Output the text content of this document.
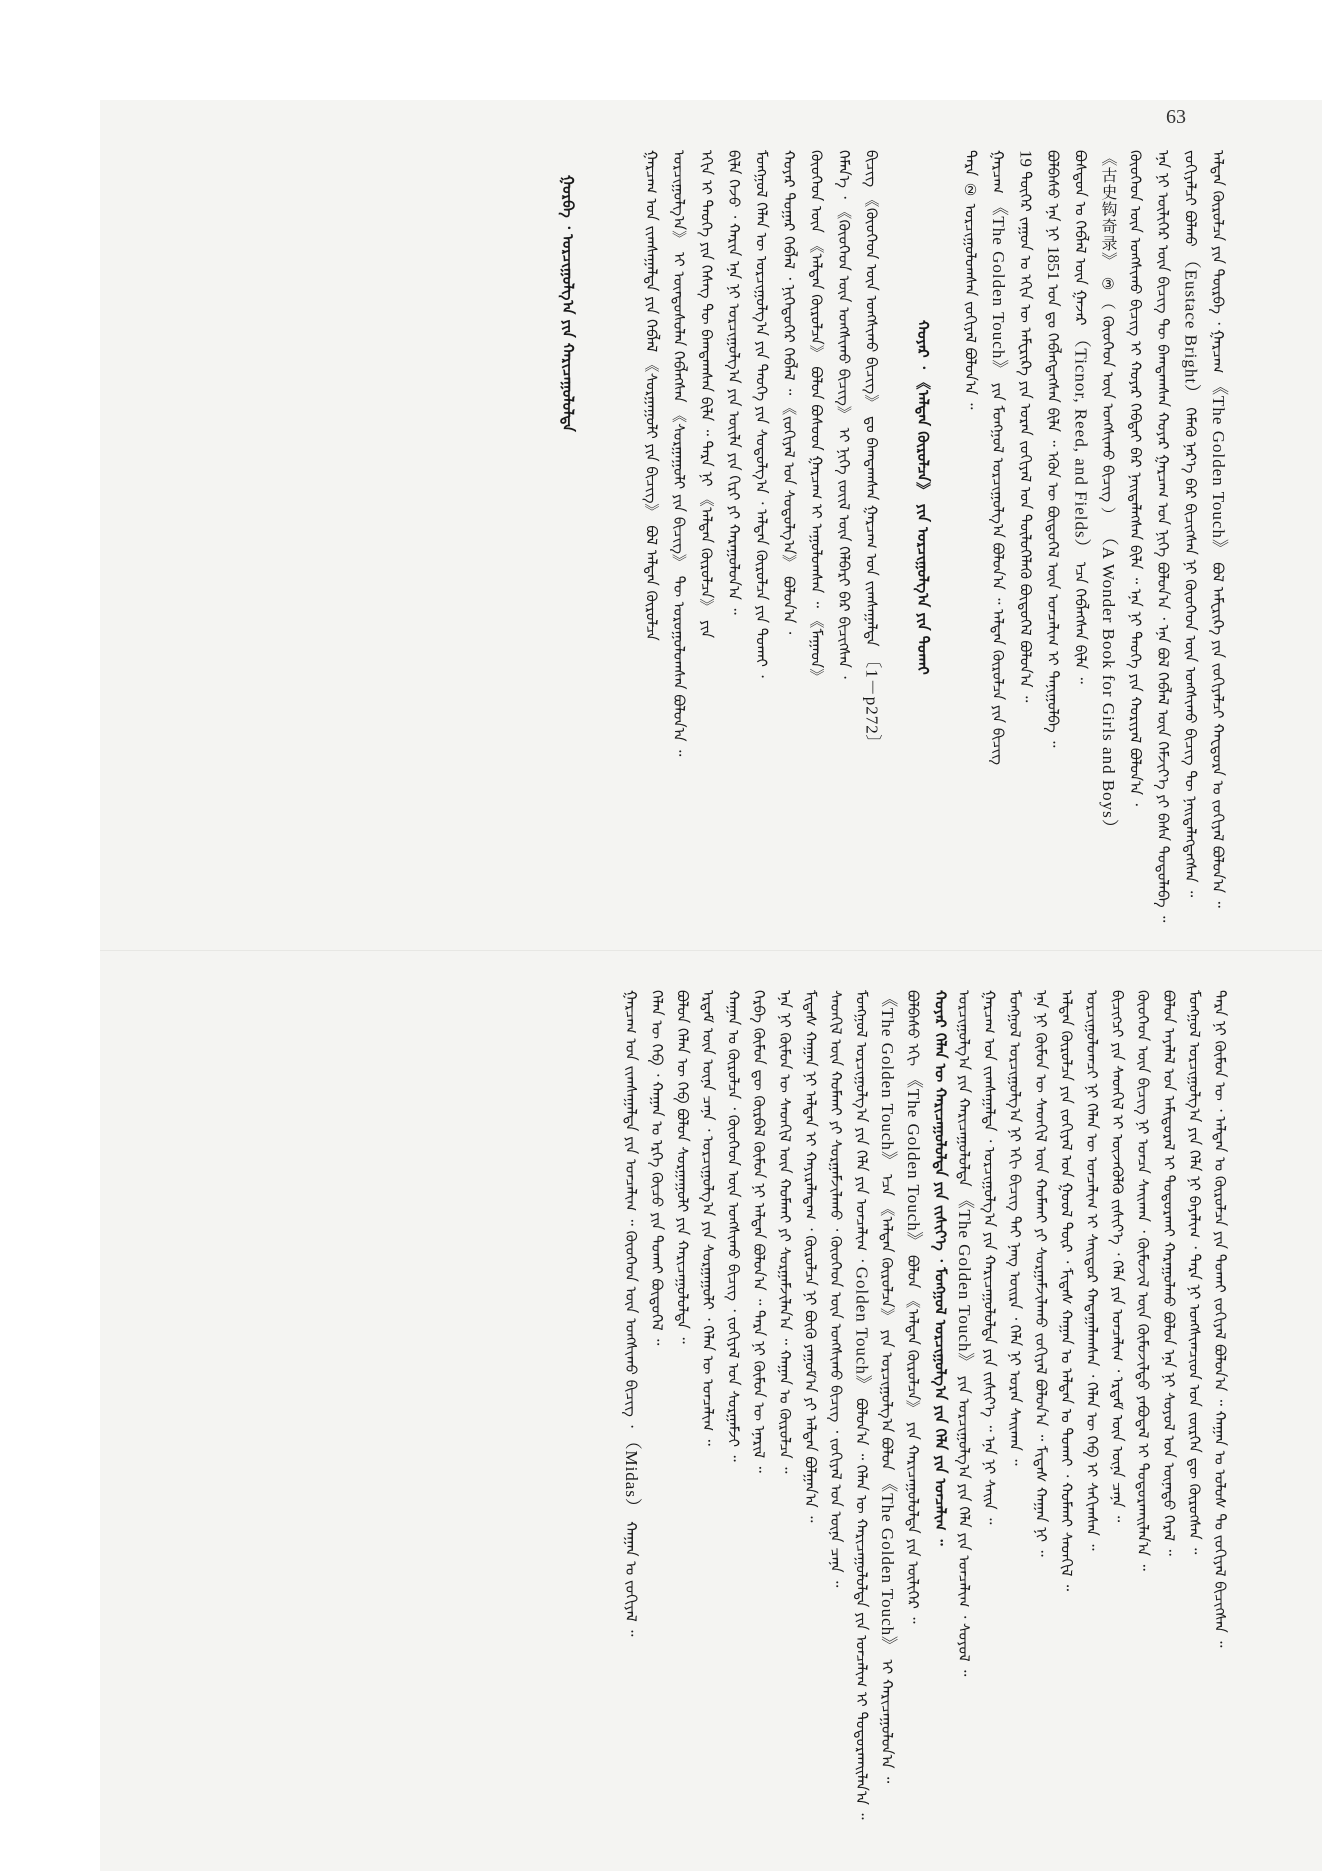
63
ᠠᠯᠲᠠᠨ ᠬᠦᠷᠦᠯᠴᠡ ᠶᠢᠨ ᠳᠦᠷᠪᠡ ᠂ ᠭᠠᠷᠴᠠᠭ 《The Golden Touch》 ᠪᠣᠯ ᠠᠮᠧᠷᠢᠺᠠ ᠶᠢᠨ ᠵᠣᠬᠢᠶᠠᠯᠴᠢ ᠬᠠᠸᠲᠣᠷᠨ ᠤ ᠵᠣᠬᠢᠶᠠᠯ ᠪᠣᠯᠤᠨ᠎ᠠ ᠃
ᠵᠣᠬᠢᠶᠠᠯᠴᠢ ᠪᠣᠯᠬᠤ （Eustace Bright） ᠬᠡᠮᠡᠬᠦ ᠨᠡᠷ᠎ᠡ ᠪᠡᠷ ᠪᠢᠴᠢᠭᠰᠡᠨ ᠨᠢ ᠬᠦᠦᠬᠡᠳ ᠦᠨ ᠤᠩᠰᠢᠬᠤ ᠪᠢᠴᠢᠭ ᠲᠦ ᠨᠡᠢᠲᠡᠯᠡᠭᠳᠡᠭᠰᠡᠨ ᠃
ᠡᠨᠡ ᠨᠢ ᠦᠯᠢᠭᠡᠷ ᠦᠨ ᠪᠢᠴᠢᠭ ᠲᠦ ᠪᠠᠭᠳᠠᠭᠰᠠᠨ ᠬᠣᠶᠠᠷ ᠭᠠᠷᠴᠠᠭ ᠤᠨ ᠨᠢᠭᠡ ᠪᠣᠯᠤᠨ᠎ᠠ ᠂ ᠡᠨᠡ ᠪᠣᠯ ᠬᠡᠪᠯᠡᠯ ᠦᠨ ᠬᠡᠮᠵᠢᠶ᠎ᠡ ᠶᠢ ᠪᠠᠰᠠ ᠲᠣᠳᠣᠯᠠᠪᠠ ᠃
ᠬᠦᠦᠬᠡᠳ ᠦᠨ ᠤᠩᠰᠢᠬᠤ ᠪᠢᠴᠢᠭ ᠢ ᠬᠣᠶᠠᠷ ᠬᠡᠪᠲᠡᠢ ᠪᠠᠷ ᠨᠡᠢᠲᠡᠯᠡᠭᠰᠡᠨ ᠪᠢᠯᠡ ᠃ ᠡᠨᠡ ᠨᠢ ᠲᠡᠦᠬᠡ ᠶᠢᠨ ᠬᠣᠷᠢᠶᠠᠯ ᠪᠣᠯᠤᠨ᠎ᠠ ᠂
《古史钩奇录》 ③（ ᠬᠦᠦᠬᠡᠳ ᠦᠨ ᠤᠩᠰᠢᠬᠤ ᠪᠢᠴᠢᠭ ） （A Wonder Book for Girls and Boys）
ᠪᠣᠰᠲᠣᠨ ᠤ ᠬᠡᠪᠯᠡᠯ ᠦᠨ ᠭᠠᠵᠠᠷ （Ticnor, Reed, and Fields） ᠡᠴᠡ ᠬᠡᠪᠯᠡᠭᠰᠡᠨ ᠪᠢᠯᠡ ᠃
ᠪᠣᠯᠪᠠᠰᠤ ᠡᠨᠡ ᠨᠢ 1851 ᠣᠨ ᠳᠤ ᠬᠡᠪᠯᠡᠭᠳᠡᠭᠰᠡᠨ ᠪᠢᠯᠡ ᠃ ᠡᠭᠦᠨ ᠦ ᠪᠦᠲᠦᠭᠡᠯ ᠦᠨ ᠣᠨᠴᠠᠯᠢᠭ ᠢ ᠲᠠᠨᠢᠭᠤᠯᠪᠠ ᠃
19 ᠳᠦᠭᠡᠷ ᠵᠠᠭᠤᠨ ᠤ ᠡᠬᠢᠨ ᠦ ᠠᠮᠧᠷᠢᠺᠠ ᠶᠢᠨ ᠤᠷᠠᠨ ᠵᠣᠬᠢᠶᠠᠯ ᠤᠨ ᠲᠦᠯᠦᠭᠡᠯᠡᠬᠦ ᠪᠦᠲᠦᠭᠡᠯ ᠪᠣᠯᠤᠨ᠎ᠠ ᠃
ᠭᠠᠷᠴᠠᠭ 《The Golden Touch》 ᠶᠢᠨ ᠮᠣᠩᠭᠣᠯ ᠣᠷᠴᠢᠭᠤᠯᠭ᠎ᠠ ᠪᠣᠯᠤᠨ᠎ᠠ ᠃ ᠠᠯᠲᠠᠨ ᠬᠦᠷᠦᠯᠴᠡ ᠶᠢᠨ ᠪᠢᠴᠢᠭ
ᠲᠡᠷᠡ ② ᠣᠷᠴᠢᠭᠤᠯᠤᠭᠰᠠᠨ ᠵᠣᠬᠢᠶᠠᠯ ᠪᠣᠯᠤᠨ᠎ᠠ ᠃
ᠬᠣᠶᠠᠷ ᠂ 《ᠠᠯᠲᠠᠨ ᠬᠦᠷᠦᠯᠴᠡ》 ᠶᠢᠨ ᠣᠷᠴᠢᠭᠤᠯᠭ᠎ᠠ ᠶᠢᠨ ᠲᠤᠬᠠᠢ
ᠪᠢᠴᠢᠭ 《ᠬᠦᠦᠬᠡᠳ ᠦᠨ ᠤᠩᠰᠢᠬᠤ ᠪᠢᠴᠢᠭ》 ᠳᠤ ᠪᠠᠭᠳᠠᠭᠰᠠᠨ ᠭᠠᠷᠴᠠᠭ ᠤᠨ ᠵᠢᠭᠰᠠᠭᠠᠯᠲᠠ 〔1－p272〕
ᠬᠡᠮᠡᠨ᠎ᠡ ᠂ 《ᠬᠦᠦᠬᠡᠳ ᠦᠨ ᠤᠩᠰᠢᠬᠤ ᠪᠢᠴᠢᠭ》 ᠢ ᠨᠢᠭᠡ ᠵᠦᠢᠯ ᠦᠨ ᠬᠡᠯᠪᠡᠷᠢ ᠪᠠᠷ ᠪᠢᠴᠢᠭᠰᠡᠨ ᠂
ᠬᠦᠦᠬᠡᠳ ᠦᠨ 《ᠠᠯᠲᠠᠨ ᠬᠦᠷᠦᠯᠴᠡ》 ᠪᠣᠯᠤᠨ ᠪᠤᠰᠤᠳ ᠭᠠᠷᠴᠠᠭ ᠢ ᠠᠭᠤᠯᠤᠭᠰᠠᠨ ᠃ 《ᠮᠠᠭᠠᠳ》
ᠬᠣᠶᠠᠷ ᠳᠤᠭᠠᠷ ᠬᠡᠪᠯᠡᠯ ᠂ ᠨᠢᠭᠡᠳᠦᠭᠡᠷ ᠬᠡᠪᠯᠡᠯ ᠃ 《ᠵᠣᠬᠢᠶᠠᠯ ᠤᠨ ᠰᠤᠳᠤᠯᠭ᠎ᠠ》 ᠪᠣᠯᠤᠨ᠎ᠠ ᠂
ᠮᠣᠩᠭᠣᠯ ᠬᠡᠯᠡᠨ ᠦ ᠣᠷᠴᠢᠭᠤᠯᠭ᠎ᠠ ᠶᠢᠨ ᠲᠡᠦᠬᠡ ᠶᠢᠨ ᠰᠤᠳᠤᠯᠭ᠎ᠠ ᠂ ᠠᠯᠲᠠᠨ ᠬᠦᠷᠦᠯᠴᠡ ᠶᠢᠨ ᠲᠤᠬᠠᠢ ᠂
ᠪᠢᠯᠡ ᠭᠡᠵᠦ ᠂ ᠬᠠᠷᠢᠨ ᠡᠨᠡ ᠨᠢ ᠣᠷᠴᠢᠭᠤᠯᠭ᠎ᠠ ᠶᠢᠨ ᠦᠢᠯᠡ ᠶᠢᠨ ᠬᠢᠷᠢ ᠶᠢ ᠬᠠᠷᠠᠭᠤᠯᠤᠨ᠎ᠠ ᠃
ᠡᠬᠢᠨ ᠢ ᠲᠡᠦᠬᠡ ᠶᠢᠨ ᠬᠡᠰᠡᠭ ᠲᠦ ᠪᠠᠭᠳᠠᠭᠰᠠᠨ ᠪᠢᠯᠡ ᠃ ᠲᠡᠷᠡ ᠨᠢ 《ᠠᠯᠲᠠᠨ ᠬᠦᠷᠦᠯᠴᠡ》 ᠶᠢᠨ
ᠣᠷᠴᠢᠭᠤᠯᠭ᠎ᠠ》 ᠢ ᠦᠨᠳᠦᠰᠦᠯᠡᠨ ᠬᠡᠪᠯᠡᠭᠰᠡᠨ 《ᠰᠤᠷᠭᠠᠭᠤᠯᠢ ᠶᠢᠨ ᠪᠢᠴᠢᠭ》 ᠲᠦ ᠣᠷᠤᠭᠤᠯᠤᠭᠰᠠᠨ ᠪᠣᠯᠤᠨ᠎ᠠ ᠃
ᠭᠠᠷᠴᠠᠭ ᠤᠨ ᠵᠢᠭᠰᠠᠭᠠᠯᠲᠠ ᠶᠢᠨ ᠬᠡᠪᠯᠡᠯ 《ᠰᠤᠷᠭᠠᠭᠤᠯᠢ ᠶᠢᠨ ᠪᠢᠴᠢᠭ》 ᠪᠣᠯ ᠠᠯᠲᠠᠨ ᠬᠦᠷᠦᠯᠴᠡ
ᠭᠤᠷᠪᠠ ᠂ ᠣᠷᠴᠢᠭᠤᠯᠭ᠎ᠠ ᠶᠢᠨ ᠬᠠᠷᠢᠴᠠᠭᠤᠯᠤᠯᠲᠠ
ᠲᠡᠷᠡ ᠨᠢ ᠬᠦᠮᠦᠨ ᠦ ᠂ ᠠᠯᠲᠠᠨ ᠤ ᠬᠦᠷᠦᠯᠴᠡ ᠶᠢᠨ ᠲᠤᠬᠠᠢ ᠵᠣᠬᠢᠶᠠᠯ ᠪᠣᠯᠤᠨ᠎ᠠ ᠃ ᠬᠠᠭᠠᠨ ᠤ ᠤᠯᠤᠰ ᠲᠤ ᠵᠣᠬᠢᠶᠠᠯ ᠪᠢᠴᠢᠭᠰᠡᠨ ᠃
ᠮᠣᠩᠭᠣᠯ ᠣᠷᠴᠢᠭᠤᠯᠭ᠎ᠠ ᠶᠢᠨ ᠬᠡᠯᠡ ᠨᠢ ᠪᠠᠶᠠᠯᠢᠭ ᠂ ᠲᠡᠷᠡ ᠨᠢ ᠤᠩᠰᠢᠭᠴᠢᠳ ᠤᠨ ᠵᠦᠷᠬᠡᠨ ᠳᠦ ᠬᠦᠷᠦᠭᠰᠡᠨ ᠃
ᠪᠣᠯᠤᠨ ᠠᠶᠠᠯᠠᠯ ᠤᠨ ᠠᠮᠢᠳᠤᠷᠠᠯ ᠢ ᠲᠣᠳᠣᠷᠬᠠᠢ ᠬᠠᠷᠠᠭᠤᠯᠬᠤ ᠪᠣᠯᠤᠨ ᠡᠨᠡ ᠨᠢ ᠰᠣᠶᠣᠯ ᠤᠨ ᠦᠨᠡᠲᠦ ᠭᠡᠷᠡᠯ ᠃
ᠬᠦᠦᠬᠡᠳ ᠦᠨ ᠪᠢᠴᠢᠭ ᠨᠢ ᠣᠨᠴᠠ ᠰᠠᠢᠬᠠᠨ ᠂ ᠬᠦᠮᠦᠵᠢᠯ ᠦᠨ ᠬᠦᠮᠦᠵᠢᠯᠲᠦ ᠶᠠᠪᠤᠳᠠᠯ ᠢ ᠲᠣᠳᠣᠷᠬᠠᠢᠯᠠᠨ᠎ᠠ ᠃
ᠪᠢᠴᠢᠭᠴᠢ ᠶᠢᠨ ᠰᠡᠳᠬᠢᠯ ᠢ ᠦᠵᠡᠭᠦᠯᠬᠦ ᠵᠢᠱᠢᠶ᠎ᠡ ᠂ ᠬᠡᠯᠡ ᠶᠢᠨ ᠣᠨᠴᠠᠯᠢᠭ ᠂ ᠡᠷᠳᠡᠮ ᠦᠨ ᠦᠨᠡ ᠴᠡᠨᠡ ᠃
ᠣᠷᠴᠢᠭᠤᠯᠤᠭᠴᠢ ᠨᠢ ᠬᠡᠯᠡᠨ ᠦ ᠣᠨᠴᠠᠯᠢᠭ ᠢ ᠰᠠᠢᠲᠤᠷ ᠬᠠᠳᠠᠭᠠᠯᠠᠭᠰᠠᠨ ᠂ ᠬᠡᠯᠡᠨ ᠦ ᠬᠡᠪ ᠢ ᠰᠠᠬᠢᠭᠰᠠᠨ ᠃
ᠠᠯᠲᠠᠨ ᠬᠦᠷᠦᠯᠴᠡ ᠶᠢᠨ ᠵᠣᠬᠢᠶᠠᠯ ᠤᠨ ᠭᠣᠣᠯ ᠳᠦᠷ ᠂ ᠮᠢᠳᠠᠰ ᠬᠠᠭᠠᠨ ᠤ ᠠᠯᠲᠠᠨ ᠤ ᠲᠤᠬᠠᠢ ᠂ ᠬᠣᠮᠬᠠᠢ ᠰᠡᠳᠬᠢᠯ ᠃
ᠡᠨᠡ ᠨᠢ ᠬᠦᠮᠦᠨ ᠦ ᠰᠡᠳᠬᠢᠯ ᠦᠨ ᠬᠣᠮᠬᠠᠢ ᠶᠢ ᠰᠤᠷᠭᠠᠮᠵᠢᠯᠠᠬᠤ ᠵᠣᠬᠢᠶᠠᠯ ᠪᠣᠯᠤᠨ᠎ᠠ ᠃ ᠮᠢᠳᠠᠰ ᠬᠠᠭᠠᠨ ᠨᠢ ᠃
ᠮᠣᠩᠭᠣᠯ ᠣᠷᠴᠢᠭᠤᠯᠭ᠎ᠠ ᠨᠢ ᠡᠬᠢ ᠪᠢᠴᠢᠭ ᠲᠡᠢ ᠨᠡᠩ ᠣᠢᠷᠠ ᠂ ᠬᠡᠯᠡ ᠨᠢ ᠤᠷᠠᠨ ᠰᠠᠢᠬᠠᠨ ᠃
ᠭᠠᠷᠴᠠᠭ ᠤᠨ ᠵᠢᠭᠰᠠᠭᠠᠯᠲᠠ ᠂ ᠣᠷᠴᠢᠭᠤᠯᠭ᠎ᠠ ᠶᠢᠨ ᠬᠠᠷᠢᠴᠠᠭᠤᠯᠤᠯᠲᠠ ᠶᠢᠨ ᠵᠢᠱᠢᠶ᠎ᠡ ᠃ ᠡᠨᠡ ᠨᠢ ᠰᠠᠢᠨ ᠃
ᠣᠷᠴᠢᠭᠤᠯᠭ᠎ᠠ ᠶᠢᠨ ᠬᠠᠷᠢᠴᠠᠭᠤᠯᠤᠯᠲᠠ 《The Golden Touch》 ᠶᠢᠨ ᠣᠷᠴᠢᠭᠤᠯᠭ᠎ᠠ ᠶᠢᠨ ᠬᠡᠯᠡ ᠶᠢᠨ ᠣᠨᠴᠠᠯᠢᠭ ᠂ ᠰᠣᠶᠣᠯ ᠃
ᠬᠣᠶᠠᠷ ᠬᠡᠯᠡᠨ ᠦ ᠬᠠᠷᠢᠴᠠᠭᠤᠯᠤᠯᠲᠠ ᠶᠢᠨ ᠵᠢᠱᠢᠶ᠎ᠡ ᠂ ᠮᠣᠩᠭᠣᠯ ᠣᠷᠴᠢᠭᠤᠯᠭ᠎ᠠ ᠶᠢᠨ ᠬᠡᠯᠡ ᠶᠢᠨ ᠣᠨᠴᠠᠯᠢᠭ ᠃
ᠪᠣᠯᠪᠠᠰᠤ ᠡᠬᠢ 《The Golden Touch》 ᠪᠣᠯᠤᠨ 《ᠠᠯᠲᠠᠨ ᠬᠦᠷᠦᠯᠴᠡ》 ᠶᠢᠨ ᠬᠠᠷᠢᠴᠠᠭᠤᠯᠤᠯᠲᠠ ᠶᠢᠨ ᠦᠯᠢᠭᠡᠷ ᠃
《The Golden Touch》 ᠡᠴᠡ 《ᠠᠯᠲᠠᠨ ᠬᠦᠷᠦᠯᠴᠡ》 ᠶᠢᠨ ᠣᠷᠴᠢᠭᠤᠯᠭ᠎ᠠ ᠪᠣᠯᠤᠨ 《The Golden Touch》 ᠢ ᠬᠠᠷᠢᠴᠠᠭᠤᠯᠤᠨ᠎ᠠ ᠃
ᠮᠣᠩᠭᠣᠯ ᠣᠷᠴᠢᠭᠤᠯᠭ᠎ᠠ ᠶᠢᠨ ᠬᠡᠯᠡ ᠶᠢᠨ ᠣᠨᠴᠠᠯᠢᠭ ᠂ Golden Touch》 ᠪᠣᠯᠤᠨ᠎ᠠ ᠃ ᠬᠡᠯᠡᠨ ᠦ ᠬᠠᠷᠢᠴᠠᠭᠤᠯᠤᠯᠲᠠ ᠶᠢᠨ ᠣᠨᠴᠠᠯᠢᠭ ᠢ ᠲᠣᠳᠣᠷᠬᠠᠢᠯᠠᠨ᠎ᠠ ᠃
ᠰᠡᠳᠬᠢᠯ ᠦᠨ ᠬᠣᠮᠬᠠᠢ ᠶᠢ ᠰᠤᠷᠭᠠᠮᠵᠢᠯᠠᠬᠤ ᠂ ᠬᠦᠦᠬᠡᠳ ᠦᠨ ᠤᠩᠰᠢᠬᠤ ᠪᠢᠴᠢᠭ ᠂ ᠵᠣᠬᠢᠶᠠᠯ ᠤᠨ ᠦᠨᠡ ᠴᠡᠨᠡ ᠃
ᠮᠢᠳᠠᠰ ᠬᠠᠭᠠᠨ ᠨᠢ ᠠᠯᠲᠠᠨ ᠢ ᠬᠠᠶᠢᠷᠠᠯᠠᠳᠠᠭ ᠂ ᠬᠦᠷᠦᠯᠴᠡ ᠨᠢ ᠪᠦᠬᠦ ᠶᠠᠭᠤᠮ᠎ᠠ ᠶᠢ ᠠᠯᠲᠠᠨ ᠪᠣᠯᠭᠠᠨ᠎ᠠ ᠃
ᠡᠨᠡ ᠨᠢ ᠬᠦᠮᠦᠨ ᠦ ᠰᠡᠳᠬᠢᠯ ᠦᠨ ᠬᠣᠮᠬᠠᠢ ᠶᠢ ᠰᠤᠷᠭᠠᠮᠵᠢᠯᠠᠨ᠎ᠠ ᠃ ᠬᠠᠭᠠᠨ ᠤ ᠬᠦᠷᠦᠯᠴᠡ ᠃
ᠬᠡᠷᠪᠡ ᠬᠦᠮᠦᠨ ᠳᠦ ᠬᠦᠷᠪᠡᠯ ᠬᠦᠮᠦᠨ ᠨᠢ ᠠᠯᠲᠠᠨ ᠪᠣᠯᠤᠨ᠎ᠠ ᠃ ᠲᠡᠷᠡ ᠨᠢ ᠬᠦᠮᠦᠨ ᠦ ᠡᠨᠡᠷᠢᠯ ᠃
ᠬᠠᠭᠠᠨ ᠤ ᠬᠦᠷᠦᠯᠴᠡ ᠂ ᠬᠦᠦᠬᠡᠳ ᠦᠨ ᠤᠩᠰᠢᠬᠤ ᠪᠢᠴᠢᠭ ᠂ ᠵᠣᠬᠢᠶᠠᠯ ᠤᠨ ᠰᠤᠷᠭᠠᠮᠵᠢ ᠃
ᠡᠷᠳᠡᠮ ᠦᠨ ᠦᠨᠡ ᠴᠡᠨᠡ ᠂ ᠣᠷᠴᠢᠭᠤᠯᠭ᠎ᠠ ᠶᠢᠨ ᠰᠤᠷᠭᠠᠭᠤᠯᠢ ᠂ ᠬᠡᠯᠡᠨ ᠦ ᠣᠨᠴᠠᠯᠢᠭ ᠃
ᠪᠣᠯᠤᠨ ᠬᠡᠯᠡᠨ ᠦ ᠬᠡᠪ ᠪᠣᠯᠤᠨ ᠰᠤᠷᠭᠠᠭᠤᠯᠢ ᠶᠢᠨ ᠬᠠᠷᠢᠴᠠᠭᠤᠯᠤᠯᠲᠠ ᠃
ᠬᠡᠯᠡᠨ ᠦ ᠬᠡᠪ ᠂ ᠬᠠᠭᠠᠨ ᠤ ᠡᠷᠬᠡ ᠬᠦᠴᠦ ᠶᠢᠨ ᠲᠤᠬᠠᠢ ᠪᠦᠲᠦᠭᠡᠯ ᠃
ᠭᠠᠷᠴᠠᠭ ᠤᠨ ᠵᠢᠭᠰᠠᠭᠠᠯᠲᠠ ᠶᠢᠨ ᠣᠨᠴᠠᠯᠢᠭ ᠃ ᠬᠦᠦᠬᠡᠳ ᠦᠨ ᠤᠩᠰᠢᠬᠤ ᠪᠢᠴᠢᠭ ᠂ （Midas） ᠬᠠᠭᠠᠨ ᠤ ᠵᠣᠬᠢᠶᠠᠯ ᠃
